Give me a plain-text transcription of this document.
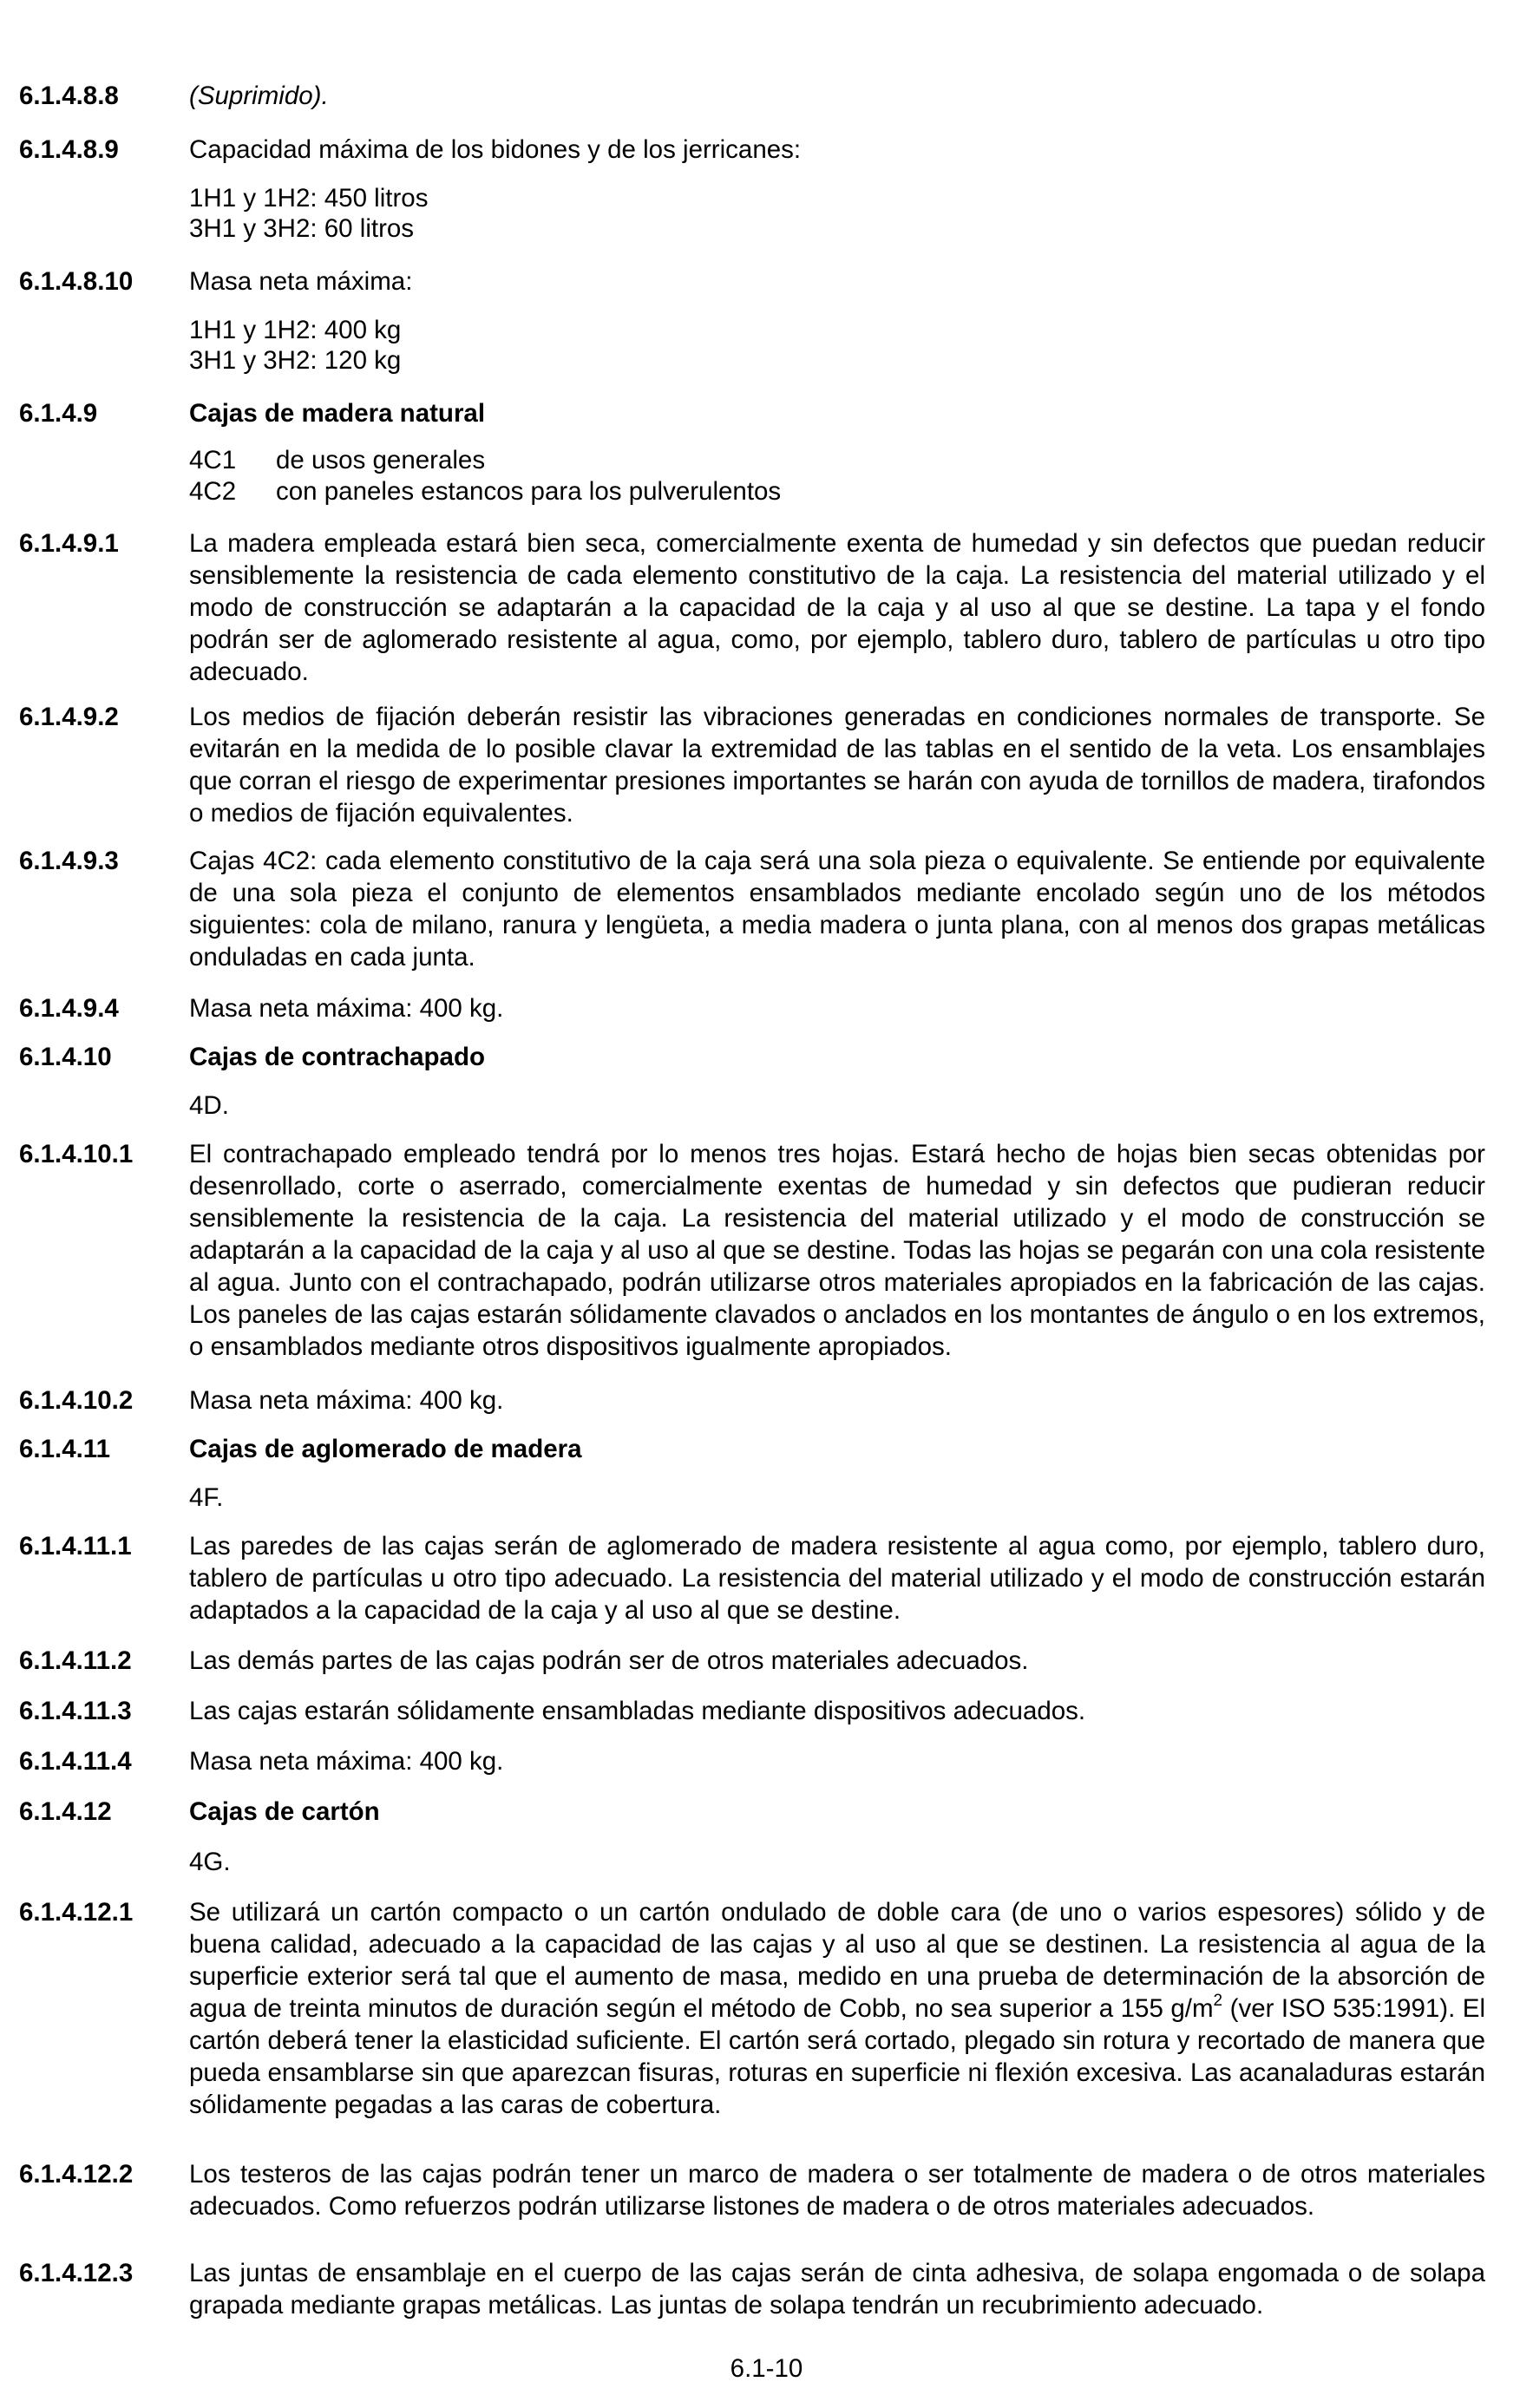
6.1.4.8.8	(Suprimido).
6.1.4.8.9	Capacidad máxima de los bidones y de los jerricanes:
1H1 y 1H2: 450 litros
3H1 y 3H2: 60 litros
6.1.4.8.10 Masa neta máxima:
1H1 y 1H2: 400 kg
3H1 y 3H2: 120 kg
6.1.4.9	Cajas de madera natural
4C1 de usos generales
4C2 con paneles estancos para los pulverulentos
6.1.4.9.1	La madera empleada estará bien seca, comercialmente exenta de humedad y sin defectos que puedan reducir sensiblemente la resistencia de cada elemento constitutivo de la caja. La resistencia del material utilizado y el modo de construcción se adaptarán a la capacidad de la caja y al uso al que se destine. La tapa y el fondo podrán ser de aglomerado resistente al agua, como, por ejemplo, tablero duro, tablero de partículas u otro tipo adecuado.
6.1.4.9.2	Los medios de fijación deberán resistir las vibraciones generadas en condiciones normales de transporte. Se evitarán en la medida de lo posible clavar la extremidad de las tablas en el sentido de la veta. Los ensamblajes que corran el riesgo de experimentar presiones importantes se harán con ayuda de tornillos de madera, tirafondos o medios de fijación equivalentes.
6.1.4.9.3	Cajas 4C2: cada elemento constitutivo de la caja será una sola pieza o equivalente. Se entiende por equivalente de una sola pieza el conjunto de elementos ensamblados mediante encolado según uno de los métodos siguientes: cola de milano, ranura y lengüeta, a media madera o junta plana, con al menos dos grapas metálicas onduladas en cada junta.
6.1.4.9.4	Masa neta máxima: 400 kg.
6.1.4.10	Cajas de contrachapado
4D.
6.1.4.10.1 El contrachapado empleado tendrá por lo menos tres hojas. Estará hecho de hojas bien secas obtenidas por desenrollado, corte o aserrado, comercialmente exentas de humedad y sin defectos que pudieran reducir sensiblemente la resistencia de la caja. La resistencia del material utilizado y el modo de construcción se adaptarán a la capacidad de la caja y al uso al que se destine. Todas las hojas se pegarán con una cola resistente al agua. Junto con el contrachapado, podrán utilizarse otros materiales apropiados en la fabricación de las cajas. Los paneles de las cajas estarán sólidamente clavados o anclados en los montantes de ángulo o en los extremos, o ensamblados mediante otros dispositivos igualmente apropiados.
6.1.4.10.2 Masa neta máxima: 400 kg.
6.1.4.11	Cajas de aglomerado de madera
4F.
6.1.4.11.1 Las paredes de las cajas serán de aglomerado de madera resistente al agua como, por ejemplo, tablero duro, tablero de partículas u otro tipo adecuado. La resistencia del material utilizado y el modo de construcción estarán adaptados a la capacidad de la caja y al uso al que se destine.
6.1.4.11.2 Las demás partes de las cajas podrán ser de otros materiales adecuados.
6.1.4.11.3 Las cajas estarán sólidamente ensambladas mediante dispositivos adecuados.
6.1.4.11.4 Masa neta máxima: 400 kg.
6.1.4.12	Cajas de cartón
4G.
6.1.4.12.1 Se utilizará un cartón compacto o un cartón ondulado de doble cara (de uno o varios espesores) sólido y de buena calidad, adecuado a la capacidad de las cajas y al uso al que se destinen. La resistencia al agua de la superficie exterior será tal que el aumento de masa, medido en una prueba de determinación de la absorción de agua de treinta minutos de duración según el método de Cobb, no sea superior a 155 $g/m^2$ (ver ISO 535:1991). El cartón deberá tener la elasticidad suficiente. El cartón será cortado, plegado sin rotura y recortado de manera que pueda ensamblarse sin que aparezcan fisuras, roturas en superficie ni flexión excesiva. Las acanaladuras estarán sólidamente pegadas a las caras de cobertura.
6.1.4.12.2 Los testeros de las cajas podrán tener un marco de madera o ser totalmente de madera o de otros materiales adecuados. Como refuerzos podrán utilizarse listones de madera o de otros materiales adecuados.
6.1.4.12.3 Las juntas de ensamblaje en el cuerpo de las cajas serán de cinta adhesiva, de solapa engomada o de solapa grapada mediante grapas metálicas. Las juntas de solapa tendrán un recubrimiento adecuado.
6.1-10
